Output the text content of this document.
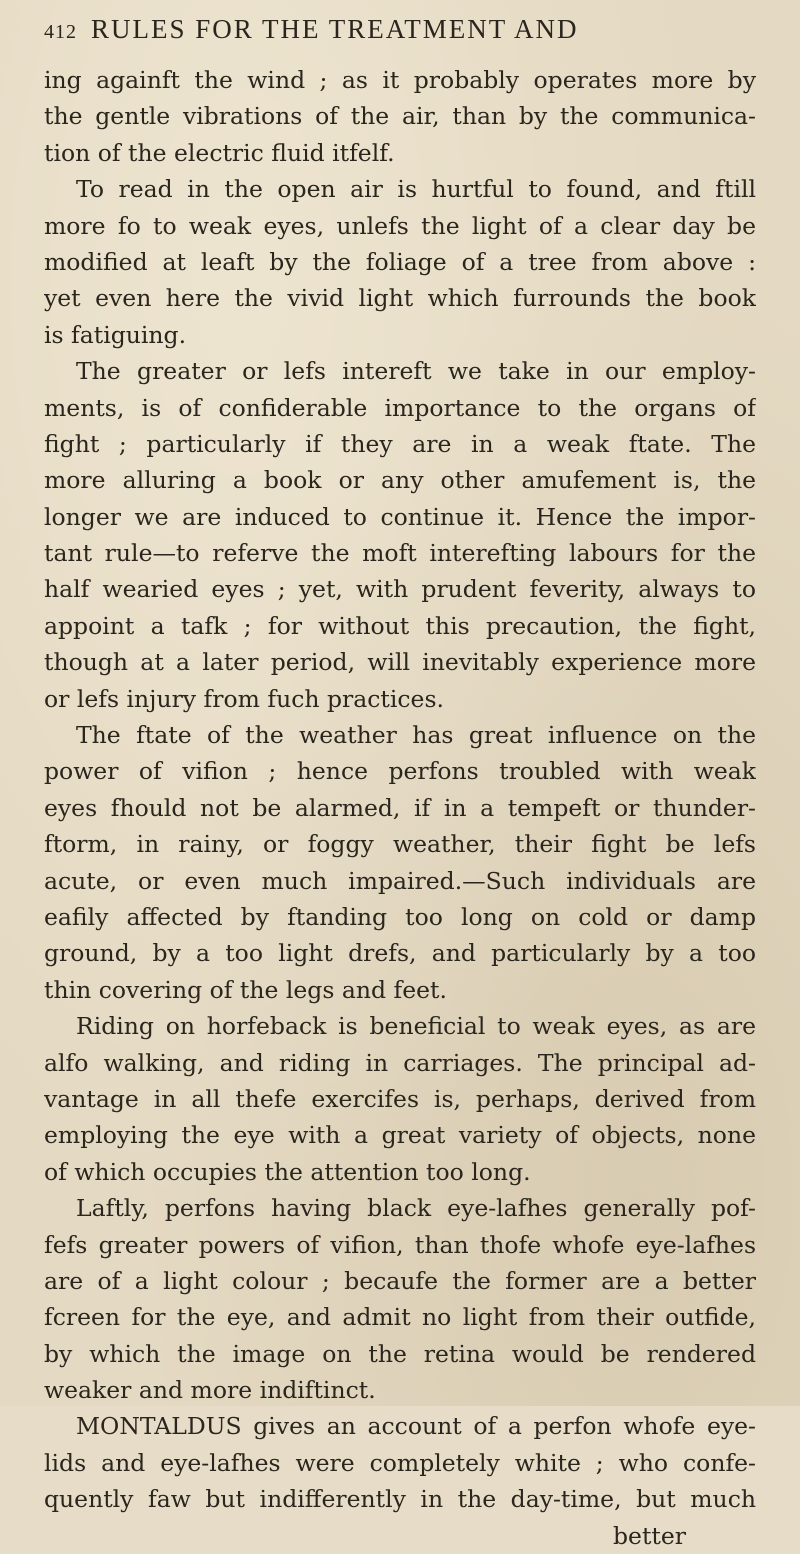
412 RULES FOR THE TREATMENT AND
ing againft the wind ; as it probably operates more by
the gentle vibrations of the air, than by the communica-
tion of the electric fluid itfelf.
To read in the open air is hurtful to found, and ftill
more fo to weak eyes, unlefs the light of a clear day be
modified at leaft by the foliage of a tree from above :
yet even here the vivid light which furrounds the book
is fatiguing.
The greater or lefs intereft we take in our employ-
ments, is of confiderable importance to the organs of
fight ; particularly if they are in a weak ftate. The
more alluring a book or any other amufement is, the
longer we are induced to continue it. Hence the impor-
tant rule—to referve the moft interefting labours for the
half wearied eyes ; yet, with prudent feverity, always to
appoint a tafk ; for without this precaution, the fight,
though at a later period, will inevitably experience more
or lefs injury from fuch practices.
The ftate of the weather has great influence on the
power of vifion ; hence perfons troubled with weak
eyes fhould not be alarmed, if in a tempeft or thunder-
ftorm, in rainy, or foggy weather, their fight be lefs
acute, or even much impaired.—Such individuals are
eafily affected by ftanding too long on cold or damp
ground, by a too light drefs, and particularly by a too
thin covering of the legs and feet.
Riding on horfeback is beneficial to weak eyes, as are
alfo walking, and riding in carriages. The principal ad-
vantage in all thefe exercifes is, perhaps, derived from
employing the eye with a great variety of objects, none
of which occupies the attention too long.
Laftly, perfons having black eye-lafhes generally pof-
fefs greater powers of vifion, than thofe whofe eye-lafhes
are of a light colour ; becaufe the former are a better
fcreen for the eye, and admit no light from their outfide,
by which the image on the retina would be rendered
weaker and more indiftinct.
MONTALDUS gives an account of a perfon whofe eye-
lids and eye-lafhes were completely white ; who confe-
quently faw but indifferently in the day-time, but much
better
